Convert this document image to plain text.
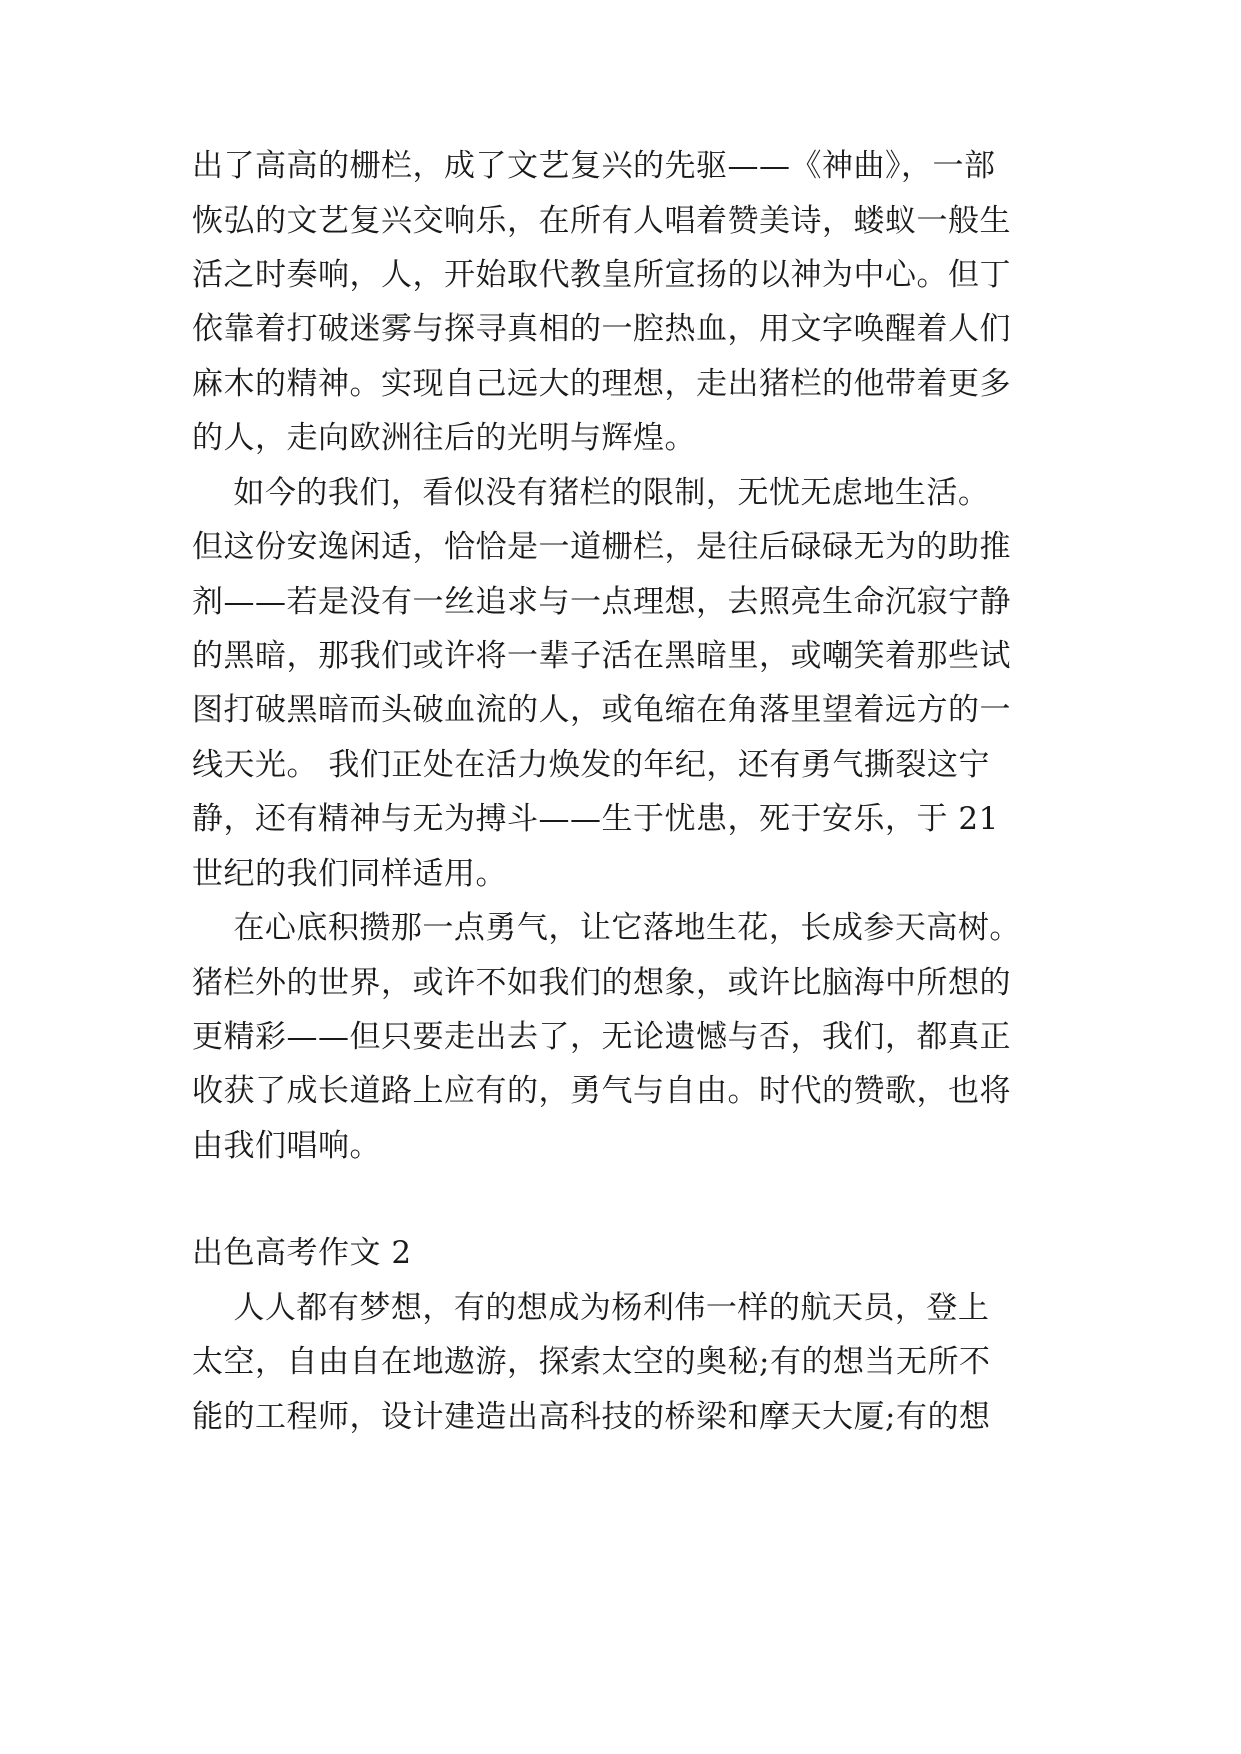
出了高高的栅栏，成了文艺复兴的先驱——《神曲》，一部
恢弘的文艺复兴交响乐，在所有人唱着赞美诗，蝼蚁一般生
活之时奏响，人，开始取代教皇所宣扬的以神为中心。但丁
依靠着打破迷雾与探寻真相的一腔热血，用文字唤醒着人们
麻木的精神。实现自己远大的理想，走出猪栏的他带着更多
的人，走向欧洲往后的光明与辉煌。
如今的我们，看似没有猪栏的限制，无忧无虑地生活。
但这份安逸闲适，恰恰是一道栅栏，是往后碌碌无为的助推
剂——若是没有一丝追求与一点理想，去照亮生命沉寂宁静
的黑暗，那我们或许将一辈子活在黑暗里，或嘲笑着那些试
图打破黑暗而头破血流的人，或龟缩在角落里望着远方的一
线天光。 我们正处在活力焕发的年纪，还有勇气撕裂这宁
静，还有精神与无为搏斗——生于忧患，死于安乐，于 21
世纪的我们同样适用。
在心底积攒那一点勇气，让它落地生花，长成参天高树。
猪栏外的世界，或许不如我们的想象，或许比脑海中所想的
更精彩——但只要走出去了，无论遗憾与否，我们，都真正
收获了成长道路上应有的，勇气与自由。时代的赞歌，也将
由我们唱响。
出色高考作文 2
人人都有梦想，有的想成为杨利伟一样的航天员，登上
太空，自由自在地遨游，探索太空的奥秘;有的想当无所不
能的工程师，设计建造出高科技的桥梁和摩天大厦;有的想
